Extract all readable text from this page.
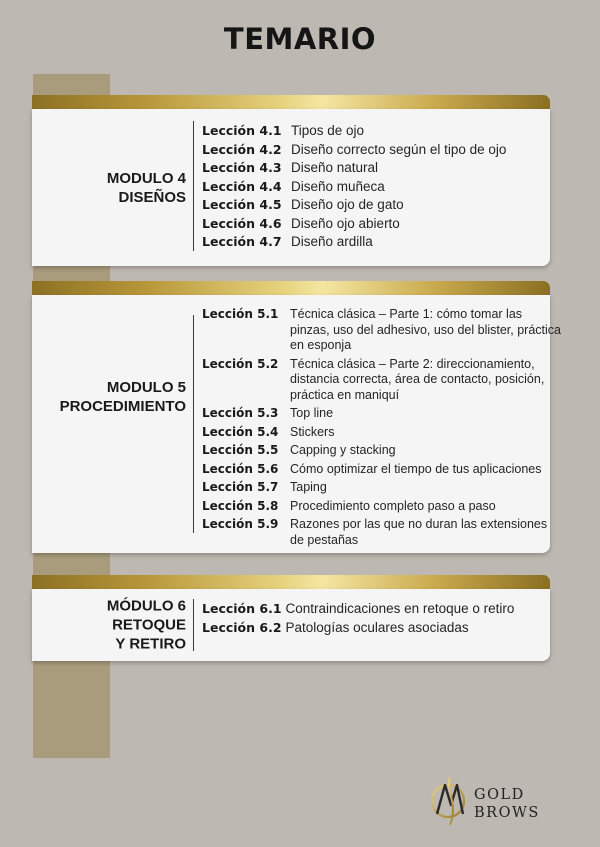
TEMARIO
MODULO 4
DISEÑOS
Lección 4.1 Tipos de ojo
Lección 4.2 Diseño correcto según el tipo de ojo
Lección 4.3 Diseño natural
Lección 4.4 Diseño muñeca
Lección 4.5 Diseño ojo de gato
Lección 4.6 Diseño ojo abierto
Lección 4.7 Diseño ardilla
MODULO 5
PROCEDIMIENTO
Lección 5.1 Técnica clásica – Parte 1: cómo tomar las pinzas, uso del adhesivo, uso del blister, práctica en esponja
Lección 5.2 Técnica clásica – Parte 2: direccionamiento, distancia correcta, área de contacto, posición, práctica en maniquí
Lección 5.3 Top line
Lección 5.4 Stickers
Lección 5.5 Capping y stacking
Lección 5.6 Cómo optimizar el tiempo de tus aplicaciones
Lección 5.7 Taping
Lección 5.8 Procedimiento completo paso a paso
Lección 5.9 Razones por las que no duran las extensiones de pestañas
MÓDULO 6
RETOQUE
Y RETIRO
Lección 6.1 Contraindicaciones en retoque o retiro
Lección 6.2 Patologías oculares asociadas
GOLD
BROWS
